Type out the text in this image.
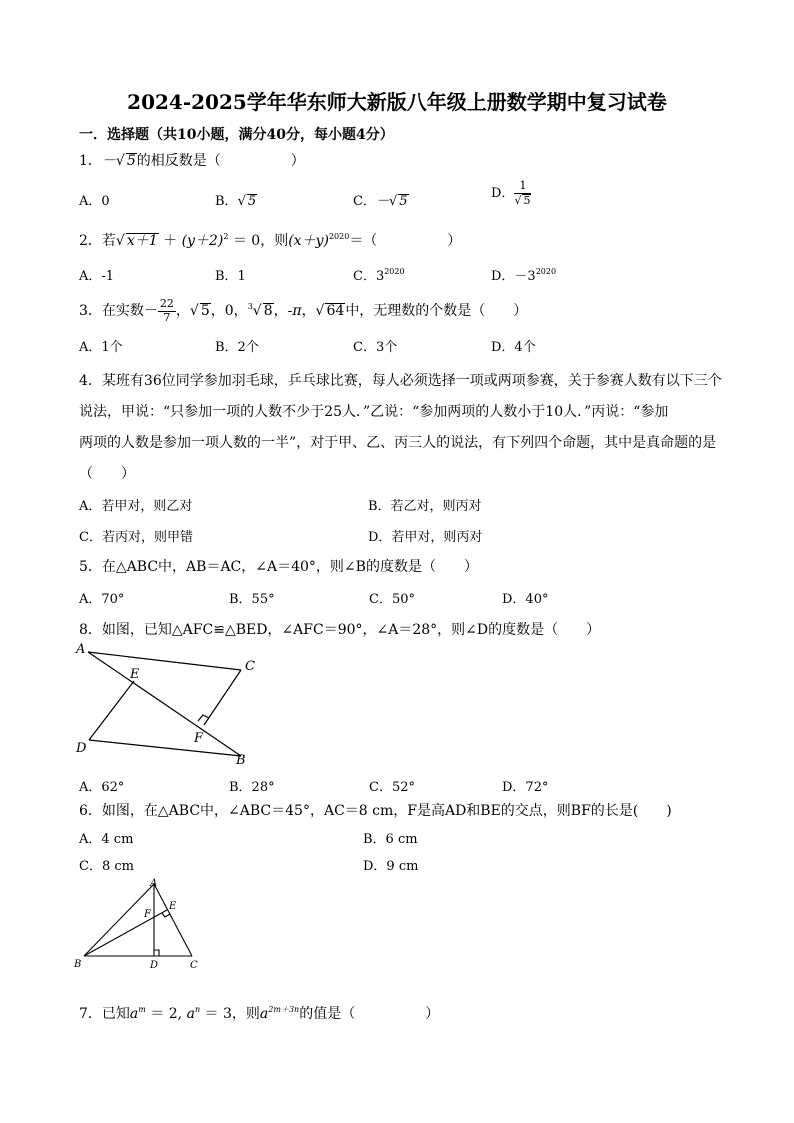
2024-2025学年华东师大新版八年级上册数学期中复习试卷
一．选择题（共10小题，满分40分，每小题4分）
1．－√ 5的相反数是（　　　　　）
A．0	B．√ 5	C．－√ 5
D． $\frac{1}{√ 5}$
2．若√ $x+1 + (y+2)^2 = 0$，则$(x+y)^{2020}=$（　　　　　）
A．-1	B．1	C．$3^{2020}$	D．$-3^{2020}$
3．在实数－ $\frac{22}{7}$ ，√ 5，0，$^3$√ 8，-π，√ 64中，无理数的个数是（　　）
A．1个	B．2个	C．3个	D．4个
4．某班有36位同学参加羽毛球，乒乓球比赛，每人必须选择一项或两项参赛，关于参赛人数有以下三个
说法，甲说：“只参加一项的人数不少于25人．”乙说：“参加两项的人数小于10人．”丙说：“参加
两项的人数是参加一项人数的一半”，对于甲、乙、丙三人的说法，有下列四个命题，其中是真命题的是
（　　）
A．若甲对，则乙对	B．若乙对，则丙对
C．若丙对，则甲错	D．若甲对，则丙对
5．在△ABC中，AB＝AC，∠A＝40°，则∠B的度数是（　　）
A．70°	B．55°	C．50°	D．40°
8．如图，已知△AFC≌△BED，∠AFC＝90°，∠A＝28°，则∠D的度数是（　　）
A
E
C
F
D
B
A．62°	B．28°	C．52°	D．72°
6．如图，在△ABC中，∠ABC＝45°，AC＝8 cm，F是高AD和BE的交点，则BF的长是(　　)
A．4 cm	B．6 cm
C．8 cm	D．9 cm
A
F
E
B	D	C
7．已知$a^m = 2$, $a^n = 3$，则$a^{2m+3n}$的值是（　　　　　）
